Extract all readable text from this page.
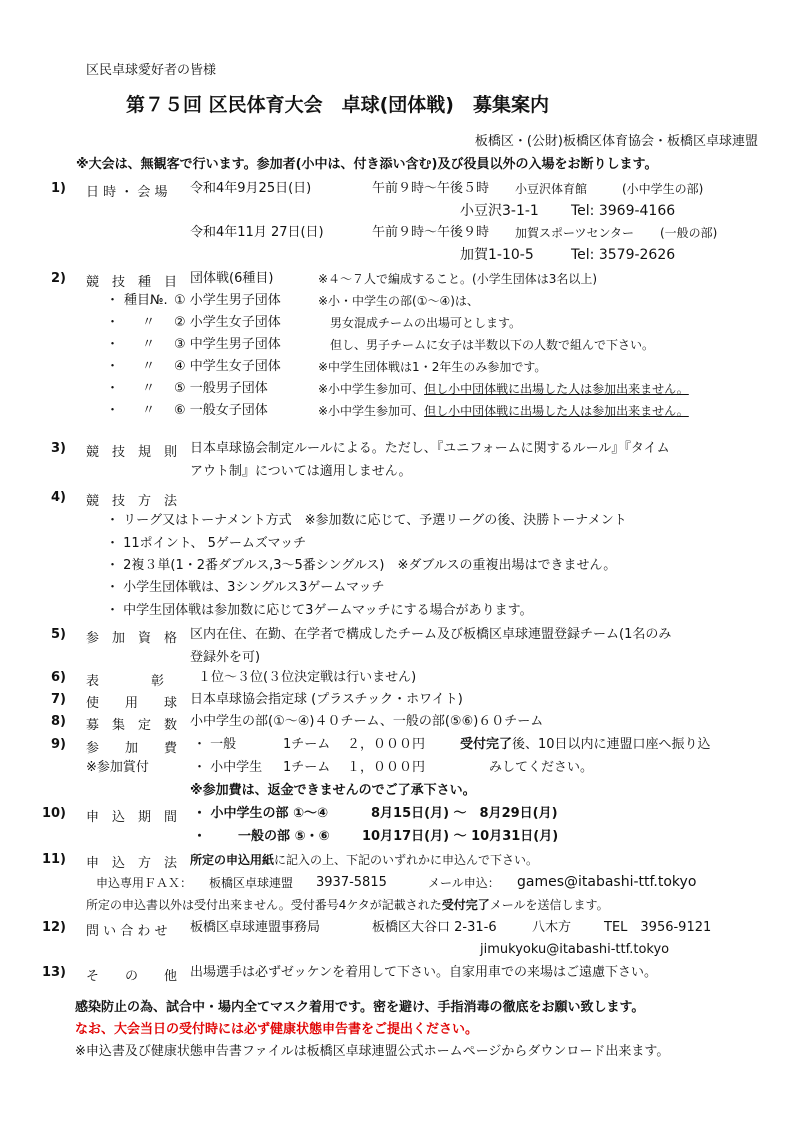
区民卓球愛好者の皆様
第７５回 区民体育大会　卓球(団体戦)　募集案内
板橋区・(公財)板橋区体育協会・板橋区卓球連盟
※大会は、無観客で行います。参加者(小中は、付き添い含む)及び役員以外の入場をお断りします。
1) 日 時 ・ 会 場 令和4年9月25日(日)	午前９時～午後５時 小豆沢体育館	(小中学生の部)
小豆沢3-1-1 Tel: 3969-4166
令和4年11月 27日(日)	午前９時～午後９時 加賀スポーツセンター (一般の部)
加賀1-10-5	Tel: 3579-2626
2) 競　技　種　目 団体戦(6種目)	※４～７人で編成すること。(小学生団体は3名以上)
・ 種目№. ① 小学生男子団体	※小・中学生の部(①～④)は、
・ 〃 ② 小学生女子団体	男女混成チームの出場可とします。
・ 〃 ③ 中学生男子団体	但し、男子チームに女子は半数以下の人数で組んで下さい。
・ 〃 ④ 中学生女子団体	※中学生団体戦は1・2年生のみ参加です。
・ 〃 ⑤ 一般男子団体	※小中学生参加可、但し小中団体戦に出場した人は参加出来ません。
・ 〃 ⑥ 一般女子団体	※小中学生参加可、但し小中団体戦に出場した人は参加出来ません。
3) 競　技　規　則 日本卓球協会制定ルールによる。ただし、『ユニフォームに関するルール』『タイム
アウト制』については適用しません。
4) 競　技　方　法
・ リーグ又はトーナメント方式　※参加数に応じて、予選リーグの後、決勝トーナメント
・ 11ポイント、 5ゲームズマッチ
・ 2複３単(1・2番ダブルス,3～5番シングルス)　※ダブルスの重複出場はできません。
・ 小学生団体戦は、3シングルス3ゲームマッチ
・ 中学生団体戦は参加数に応じて3ゲームマッチにする場合があります。
5) 参　加　資　格 区内在住、在勤、在学者で構成したチーム及び板橋区卓球連盟登録チーム(1名のみ
登録外を可)
6) 表　　　　彰	１位～３位(３位決定戦は行いません)
7) 使　　用　　球 日本卓球協会指定球 (プラスチック・ホワイト)
8) 募　集　定　数 小中学生の部(①～④)４０チーム、一般の部(⑤⑥)６０チーム
9) 参　　加　　費 ・ 一般	1チーム ２，０００円	受付完了後、10日以内に連盟口座へ振り込
※参加賞付	・ 小中学生 1チーム １，０００円	みしてください。
※参加費は、返金できませんのでご了承下さい。
10) 申　込　期　間 ・ 小中学生の部 ①～④	8月15日(月) ～　8月29日(月)
・ 一般の部 ⑤・⑥ 10月17日(月) ～ 10月31日(月)
11) 申　込　方　法 所定の申込用紙に記入の上、下記のいずれかに申込んで下さい。
申込専用ＦＡＸ： 板橋区卓球連盟 3937-5815	メール申込： games@itabashi-ttf.tokyo
所定の申込書以外は受付出来ません。受付番号4ケタが記載された受付完了メールを送信します。
12) 問 い 合 わ せ 板橋区卓球連盟事務局	板橋区大谷口 2-31-6	八木方	TEL　3956-9121
jimukyoku@itabashi-ttf.tokyo
13) そ　　の　　他 出場選手は必ずゼッケンを着用して下さい。自家用車での来場はご遠慮下さい。
感染防止の為、試合中・場内全てマスク着用です。密を避け、手指消毒の徹底をお願い致します。
なお、大会当日の受付時には必ず健康状態申告書をご提出ください。
※申込書及び健康状態申告書ファイルは板橋区卓球連盟公式ホームページからダウンロード出来ます。
